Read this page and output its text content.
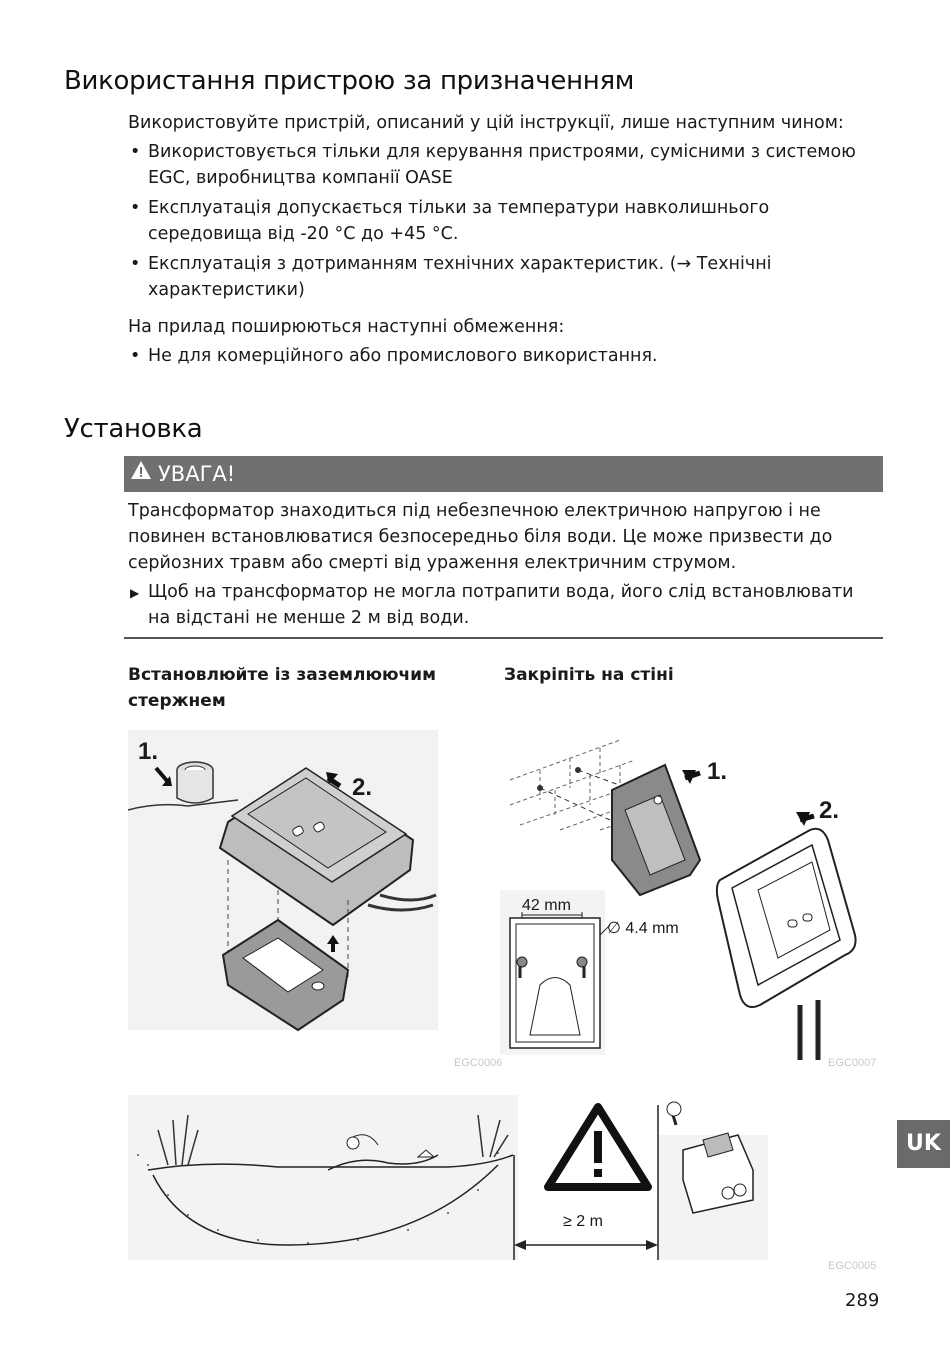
Використання пристрою за призначенням
Використовуйте пристрій, описаний у цій інструкції, лише наступним чином:
• Використовується тільки для керування пристроями, сумісними з системою EGC, виробництва компанії OASE
• Експлуатація допускається тільки за температури навколишнього середовища від -20 °C до +45 °C.
• Експлуатація з дотриманням технічних характеристик. (→ Технічні характеристики)
На прилад поширюються наступні обмеження:
• Не для комерційного або промислового використання.
Установка
УВАГА!
Трансформатор знаходиться під небезпечною електричною напругою і не повинен встановлюватися безпосередньо біля води. Це може призвести до серйозних травм або смерті від ураження електричним струмом.
▶ Щоб на трансформатор не могла потрапити вода, його слід встановлювати на відстані не менше 2 м від води.
Встановлюйте із заземлюючим стержнем
Закріпіть на стіні
1.
2.
EGC0006
1.
2.
42 mm
∅ 4.4 mm
EGC0007
≥ 2 m
EGC0005
UK
289
